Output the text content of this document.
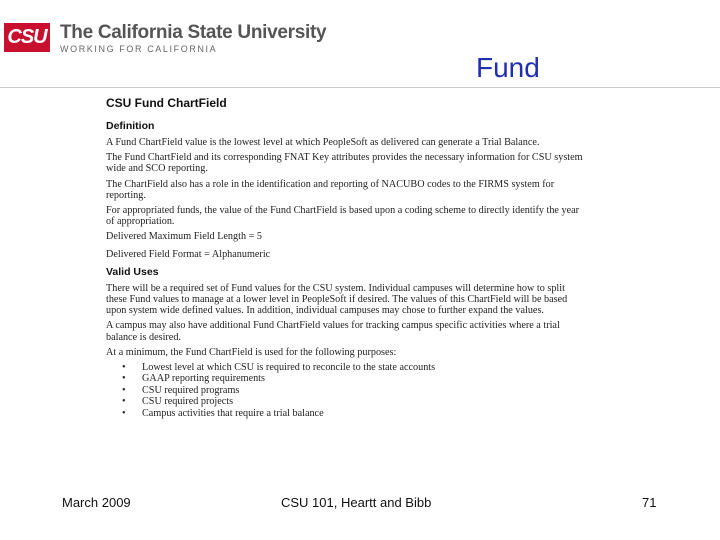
CSU The California State University
WORKING FOR CALIFORNIA
Fund
CSU Fund ChartField
Definition

A Fund ChartField value is the lowest level at which PeopleSoft as delivered can generate a Trial Balance.

The Fund ChartField and its corresponding FNAT Key attributes provides the necessary information for CSU system wide and SCO reporting.

The ChartField also has a role in the identification and reporting of NACUBO codes to the FIRMS system for reporting.

For appropriated funds, the value of the Fund ChartField is based upon a coding scheme to directly identify the year of appropriation.

Delivered Maximum Field Length = 5

Delivered Field Format = Alphanumeric

Valid Uses

There will be a required set of Fund values for the CSU system. Individual campuses will determine how to split these Fund values to manage at a lower level in PeopleSoft if desired. The values of this ChartField will be based upon system wide defined values. In addition, individual campuses may chose to further expand the values.

A campus may also have additional Fund ChartField values for tracking campus specific activities where a trial balance is desired.

At a minimum, the Fund ChartField is used for the following purposes:

• Lowest level at which CSU is required to reconcile to the state accounts
• GAAP reporting requirements
• CSU required programs
• CSU required projects
• Campus activities that require a trial balance
March 2009	CSU 101, Heartt and Bibb	71
